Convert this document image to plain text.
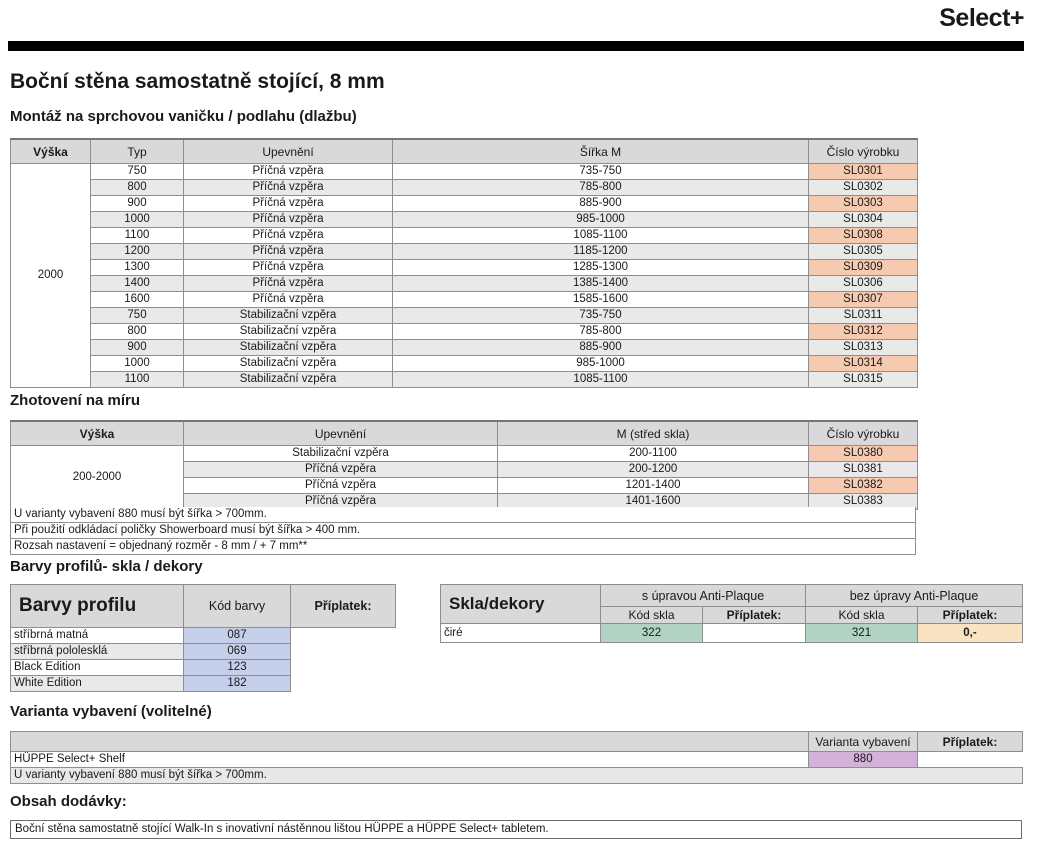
Select+
Boční stěna samostatně stojící, 8 mm
Montáž na sprchovou vaničku / podlahu (dlažbu)
Výška	Typ	Upevnění	Šířka M	Číslo výrobku
2000	750	Příčná vzpěra	735-750	SL0301
	800	Příčná vzpěra	785-800	SL0302
	900	Příčná vzpěra	885-900	SL0303
	1000	Příčná vzpěra	985-1000	SL0304
	1100	Příčná vzpěra	1085-1100	SL0308
	1200	Příčná vzpěra	1185-1200	SL0305
	1300	Příčná vzpěra	1285-1300	SL0309
	1400	Příčná vzpěra	1385-1400	SL0306
	1600	Příčná vzpěra	1585-1600	SL0307
	750	Stabilizační vzpěra	735-750	SL0311
	800	Stabilizační vzpěra	785-800	SL0312
	900	Stabilizační vzpěra	885-900	SL0313
	1000	Stabilizační vzpěra	985-1000	SL0314
	1100	Stabilizační vzpěra	1085-1100	SL0315
Zhotovení na míru
Výška	Upevnění	M (střed skla)	Číslo výrobku
200-2000	Stabilizační vzpěra	200-1100	SL0380
	Příčná vzpěra	200-1200	SL0381
	Příčná vzpěra	1201-1400	SL0382
	Příčná vzpěra	1401-1600	SL0383
U varianty vybavení 880 musí být šířka > 700mm.
Při použití odkládací poličky Showerboard musí být šířka > 400 mm.
Rozsah nastavení = objednaný rozměr - 8 mm / + 7 mm**
Barvy profilů- skla / dekory
Barvy profilu	Kód barvy	Příplatek:
stříbrná matná	087	
stříbrná pololesklá	069	
Black Edition	123	
White Edition	182	
Skla/dekory	s úpravou Anti-Plaque		bez úpravy Anti-Plaque	
	Kód skla	Příplatek:	Kód skla	Příplatek:
čiré	322		321	0,-
Varianta vybavení (volitelné)
	Varianta vybavení	Příplatek:
HÜPPE Select+ Shelf	880	
U varianty vybavení 880 musí být šířka > 700mm.		
Obsah dodávky:
Boční stěna samostatně stojící Walk-In s inovativní nástěnnou lištou HÜPPE a HÜPPE Select+ tabletem.
